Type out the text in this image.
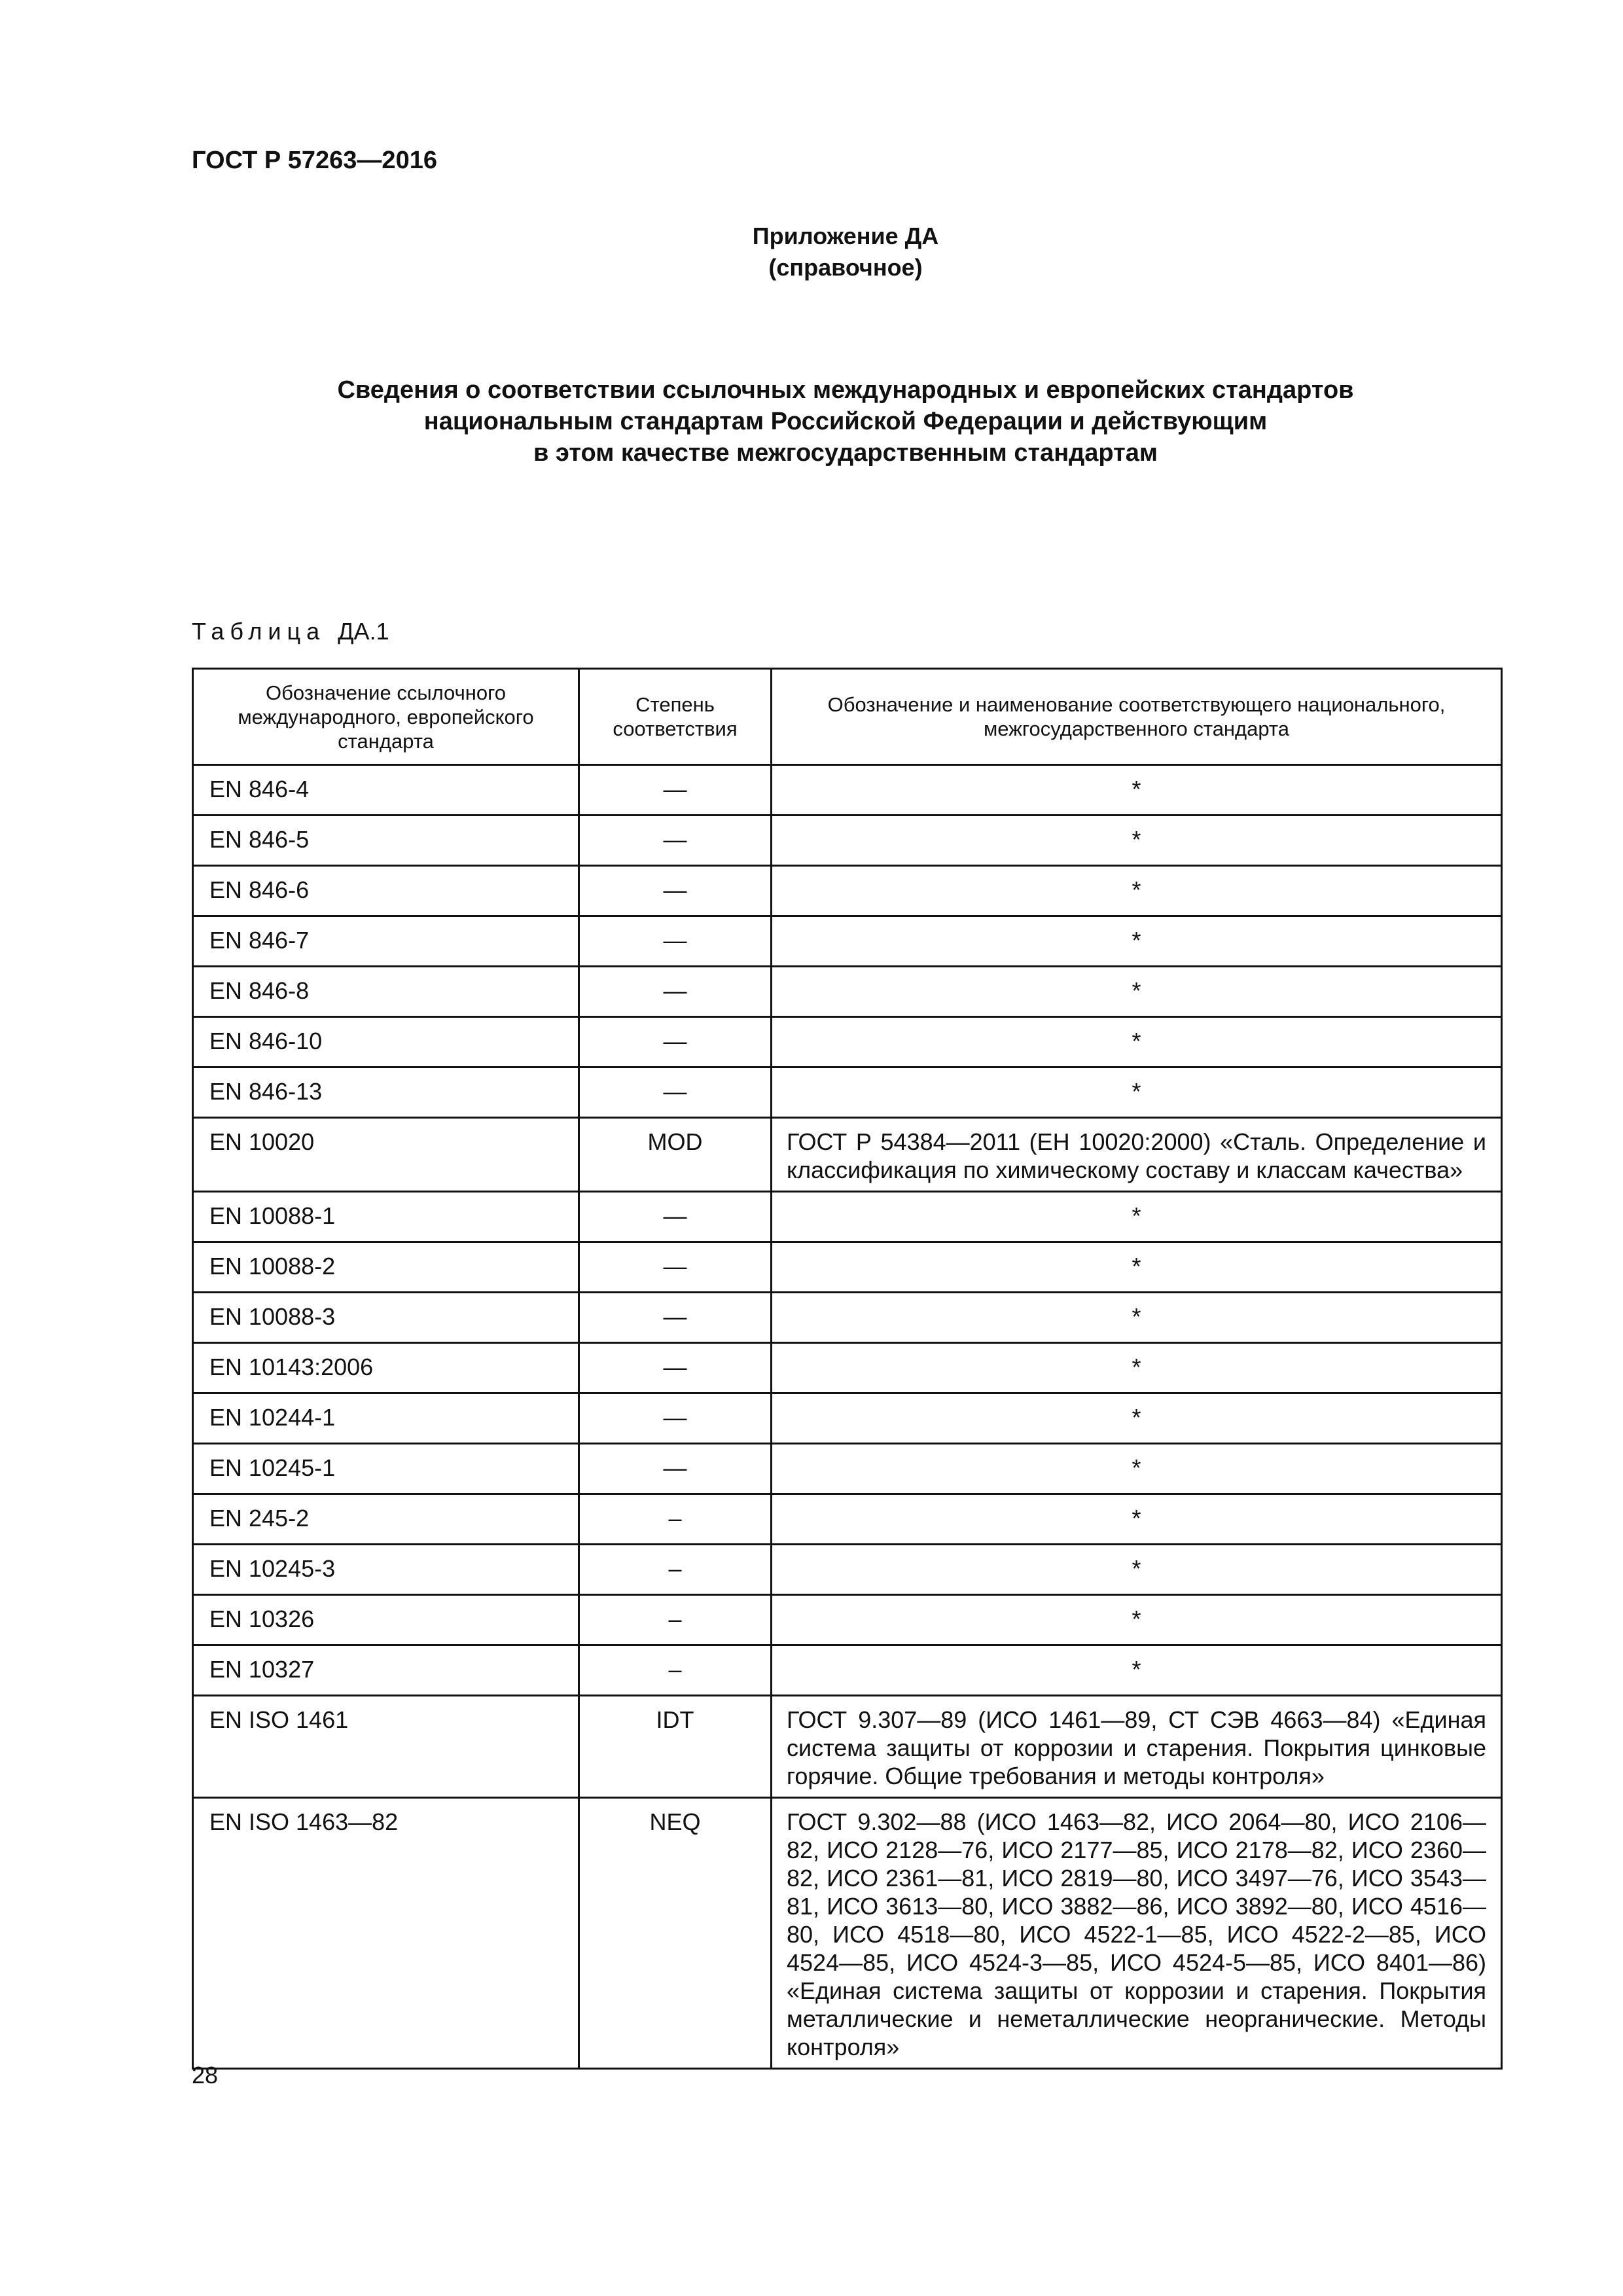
ГОСТ Р 57263—2016
Приложение ДА
(справочное)
Сведения о соответствии ссылочных международных и европейских стандартов
национальным стандартам Российской Федерации и действующим
в этом качестве межгосударственным стандартам
Таблица ДА.1
Обозначение ссылочного международного, европейского стандарта	Степень соответствия	Обозначение и наименование соответствующего национального, межгосударственного стандарта
EN 846-4	—	*
EN 846-5	—	*
EN 846-6	—	*
EN 846-7	—	*
EN 846-8	—	*
EN 846-10	—	*
EN 846-13	—	*
EN 10020	MOD	ГОСТ Р 54384—2011 (ЕН 10020:2000) «Сталь. Определение и классификация по химическому составу и классам качества»
EN 10088-1	—	*
EN 10088-2	—	*
EN 10088-3	—	*
EN 10143:2006	—	*
EN 10244-1	—	*
EN 10245-1	—	*
EN 245-2	–	*
EN 10245-3	–	*
EN 10326	–	*
EN 10327	–	*
EN ISO 1461	IDT	ГОСТ 9.307—89 (ИСО 1461—89, СТ СЭВ 4663—84) «Единая система защиты от коррозии и старения. Покрытия цинковые горячие. Общие требования и методы контроля»
EN ISO 1463—82	NEQ	ГОСТ 9.302—88 (ИСО 1463—82, ИСО 2064—80, ИСО 2106—82, ИСО 2128—76, ИСО 2177—85, ИСО 2178—82, ИСО 2360—82, ИСО 2361—81, ИСО 2819—80, ИСО 3497—76, ИСО 3543—81, ИСО 3613—80, ИСО 3882—86, ИСО 3892—80, ИСО 4516—80, ИСО 4518—80, ИСО 4522-1—85, ИСО 4522-2—85, ИСО 4524—85, ИСО 4524-3—85, ИСО 4524-5—85, ИСО 8401—86) «Единая система защиты от коррозии и старения. Покрытия металлические и неметаллические неорганические. Методы контроля»
28
